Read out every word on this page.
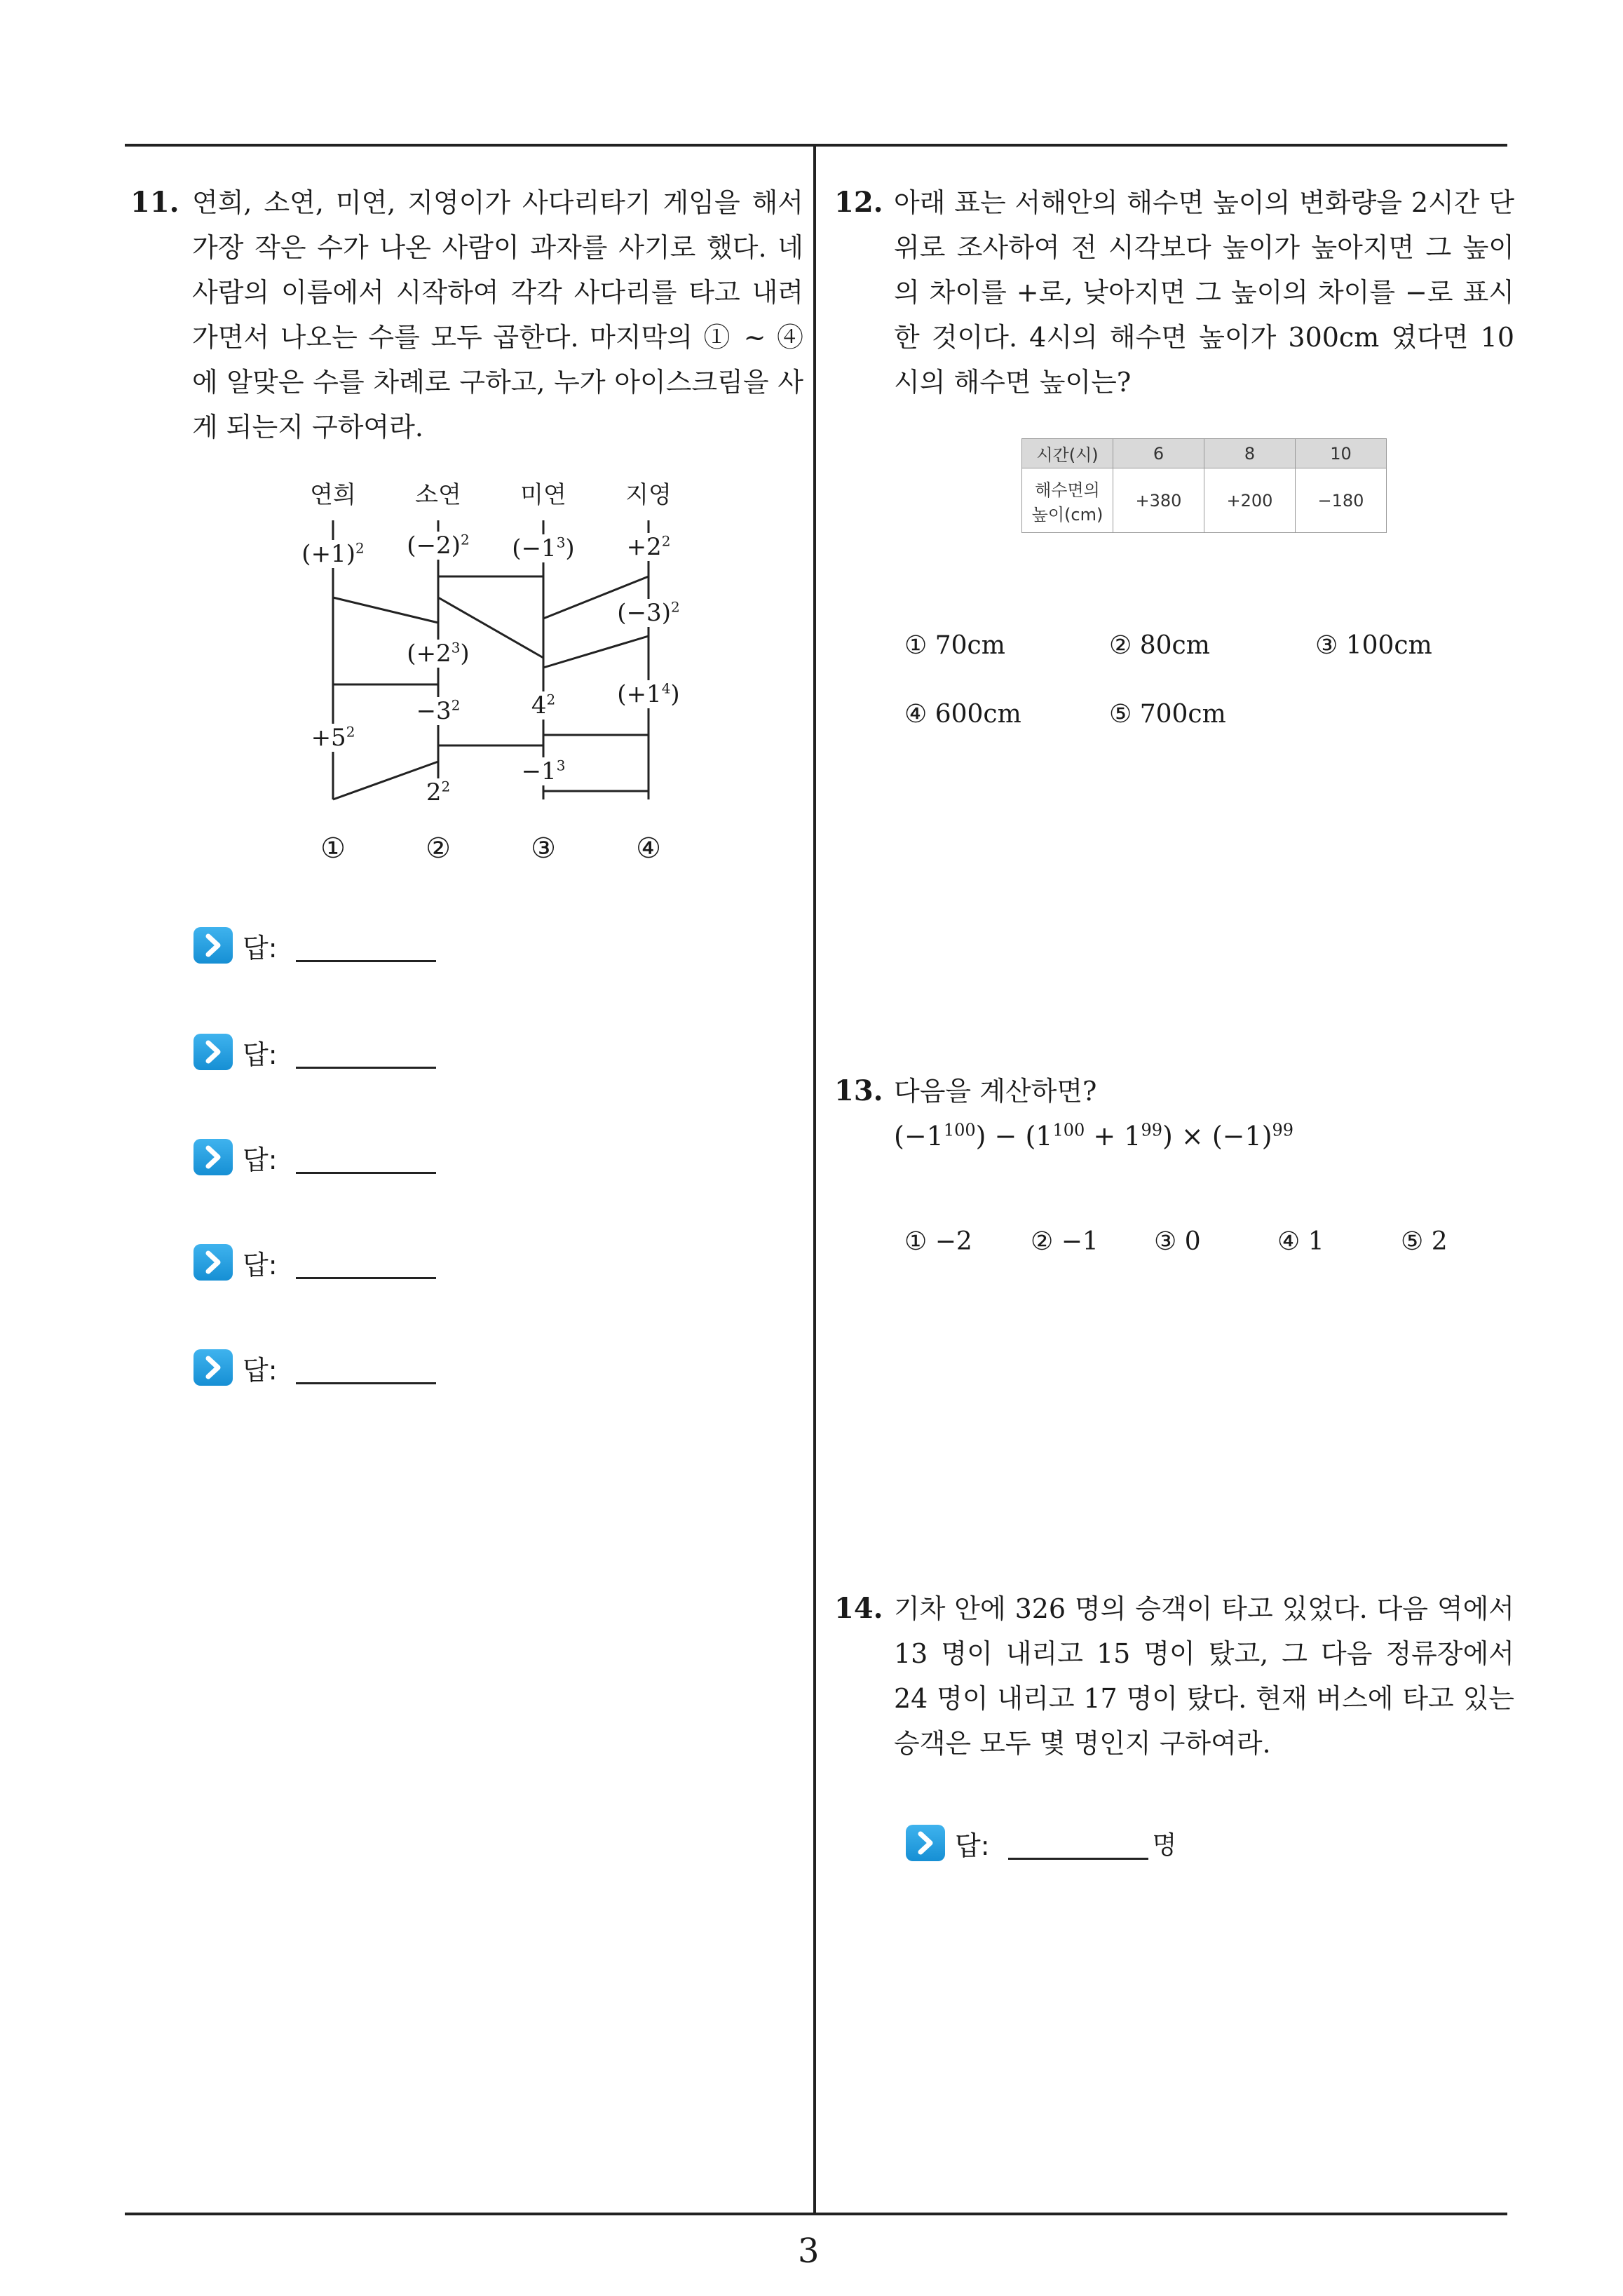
11. 연희, 소연, 미연, 지영이가 사다리타기 게임을 해서 가장 작은 수가 나온 사람이 과자를 사기로 했다. 네 사람의 이름에서 시작하여 각각 사다리를 타고 내려가면서 나오는 수를 모두 곱한다. 마지막의 ① ~ ④에 알맞은 수를 차례로 구하고, 누가 아이스크림을 사게 되는지 구하여라.
연희 소연 미연 지영
$(+1)^2$ $(-2)^2$ $(-1^3) +2^2$
$(-3)^2$
$(+2^3)$
$-3^2$	$4^2$	$(+1^4)$
$+5^2$
$-1^3$
$2^2$
①	②	③	④
답:
답:
답:
답:
답:
12. 아래 표는 서해안의 해수면 높이의 변화량을 2시간 단위로 조사하여 전 시각보다 높이가 높아지면 그 높이의 차이를 +로, 낮아지면 그 높이의 차이를 −로 표시한 것이다. 4시의 해수면 높이가 300cm 였다면 10시의 해수면 높이는?
시간(시)	6	8	10

해수면의
높이(cm)	+380	+200	−180
① 70cm	② 80cm	③ 100cm
④ 600cm	⑤ 700cm
13. 다음을 계산하면?
$(-1^{100}) - (1^{100} + 1^{99}) \times (-1)^{99}$
① −2 ② −1 ③ 0	④ 1	⑤ 2
14. 기차 안에 326 명의 승객이 타고 있었다. 다음 역에서 13 명이 내리고 15 명이 탔고, 그 다음 정류장에서 24 명이 내리고 17 명이 탔다. 현재 버스에 타고 있는 승객은 모두 몇 명인지 구하여라.
답:	명
3
